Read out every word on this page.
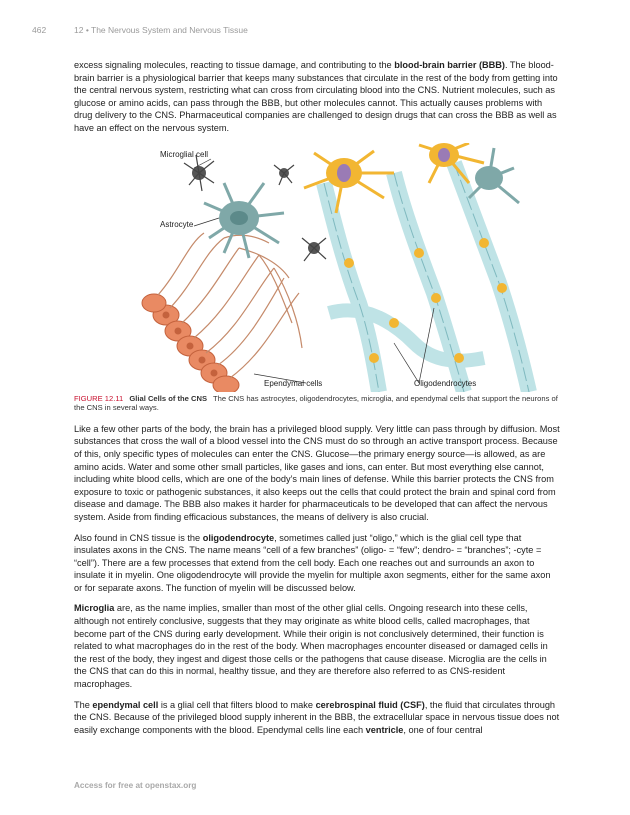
462	12 • The Nervous System and Nervous Tissue

excess signaling molecules, reacting to tissue damage, and contributing to the blood-brain barrier (BBB). The blood-brain barrier is a physiological barrier that keeps many substances that circulate in the rest of the body from getting into the central nervous system, restricting what can cross from circulating blood into the CNS. Nutrient molecules, such as glucose or amino acids, can pass through the BBB, but other molecules cannot. This actually causes problems with drug delivery to the CNS. Pharmaceutical companies are challenged to design drugs that can cross the BBB as well as have an effect on the nervous system.

Microglial cell
Astrocyte
Ependymal cells	Oligodendrocytes
FIGURE 12.11 Glial Cells of the CNS The CNS has astrocytes, oligodendrocytes, microglia, and ependymal cells that support the neurons of the CNS in several ways.

Like a few other parts of the body, the brain has a privileged blood supply. Very little can pass through by diffusion. Most substances that cross the wall of a blood vessel into the CNS must do so through an active transport process. Because of this, only specific types of molecules can enter the CNS. Glucose—the primary energy source—is allowed, as are amino acids. Water and some other small particles, like gases and ions, can enter. But most everything else cannot, including white blood cells, which are one of the body’s main lines of defense. While this barrier protects the CNS from exposure to toxic or pathogenic substances, it also keeps out the cells that could protect the brain and spinal cord from disease and damage. The BBB also makes it harder for pharmaceuticals to be developed that can affect the nervous system. Aside from finding efficacious substances, the means of delivery is also crucial.

Also found in CNS tissue is the oligodendrocyte, sometimes called just “oligo,” which is the glial cell type that insulates axons in the CNS. The name means “cell of a few branches” (oligo- = “few”; dendro- = “branches”; -cyte = “cell”). There are a few processes that extend from the cell body. Each one reaches out and surrounds an axon to insulate it in myelin. One oligodendrocyte will provide the myelin for multiple axon segments, either for the same axon or for separate axons. The function of myelin will be discussed below.

Microglia are, as the name implies, smaller than most of the other glial cells. Ongoing research into these cells, although not entirely conclusive, suggests that they may originate as white blood cells, called macrophages, that become part of the CNS during early development. While their origin is not conclusively determined, their function is related to what macrophages do in the rest of the body. When macrophages encounter diseased or damaged cells in the rest of the body, they ingest and digest those cells or the pathogens that cause disease. Microglia are the cells in the CNS that can do this in normal, healthy tissue, and they are therefore also referred to as CNS-resident macrophages.

The ependymal cell is a glial cell that filters blood to make cerebrospinal fluid (CSF), the fluid that circulates through the CNS. Because of the privileged blood supply inherent in the BBB, the extracellular space in nervous tissue does not easily exchange components with the blood. Ependymal cells line each ventricle, one of four central

Access for free at openstax.org
